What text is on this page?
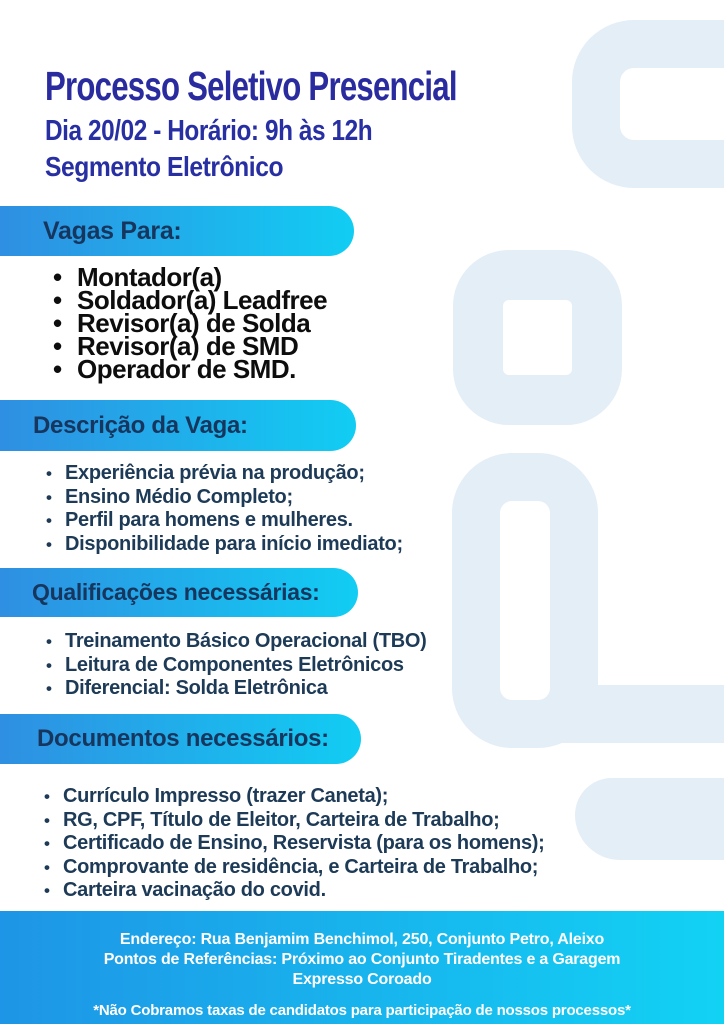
Processo Seletivo Presencial
Dia 20/02 - Horário: 9h às 12h
Segmento Eletrônico
Vagas Para:
•
Montador(a)
•
Soldador(a) Leadfree
•
Revisor(a) de Solda
•
Revisor(a) de SMD
•
Operador de SMD.
Descrição da Vaga:
•
Experiência prévia na produção;
•
Ensino Médio Completo;
•
Perfil para homens e mulheres.
•
Disponibilidade para início imediato;
Qualificações necessárias:
•
Treinamento Básico Operacional (TBO)
•
Leitura de Componentes Eletrônicos
•
Diferencial: Solda Eletrônica
Documentos necessários:
•
Currículo Impresso (trazer Caneta);
•
RG, CPF, Título de Eleitor, Carteira de Trabalho;
•
Certificado de Ensino, Reservista (para os homens);
•
Comprovante de residência, e Carteira de Trabalho;
•
Carteira vacinação do covid.
Endereço: Rua Benjamim Benchimol, 250, Conjunto Petro, Aleixo
Pontos de Referências: Próximo ao Conjunto Tiradentes e a Garagem
Expresso Coroado
*Não Cobramos taxas de candidatos para participação de nossos processos*
